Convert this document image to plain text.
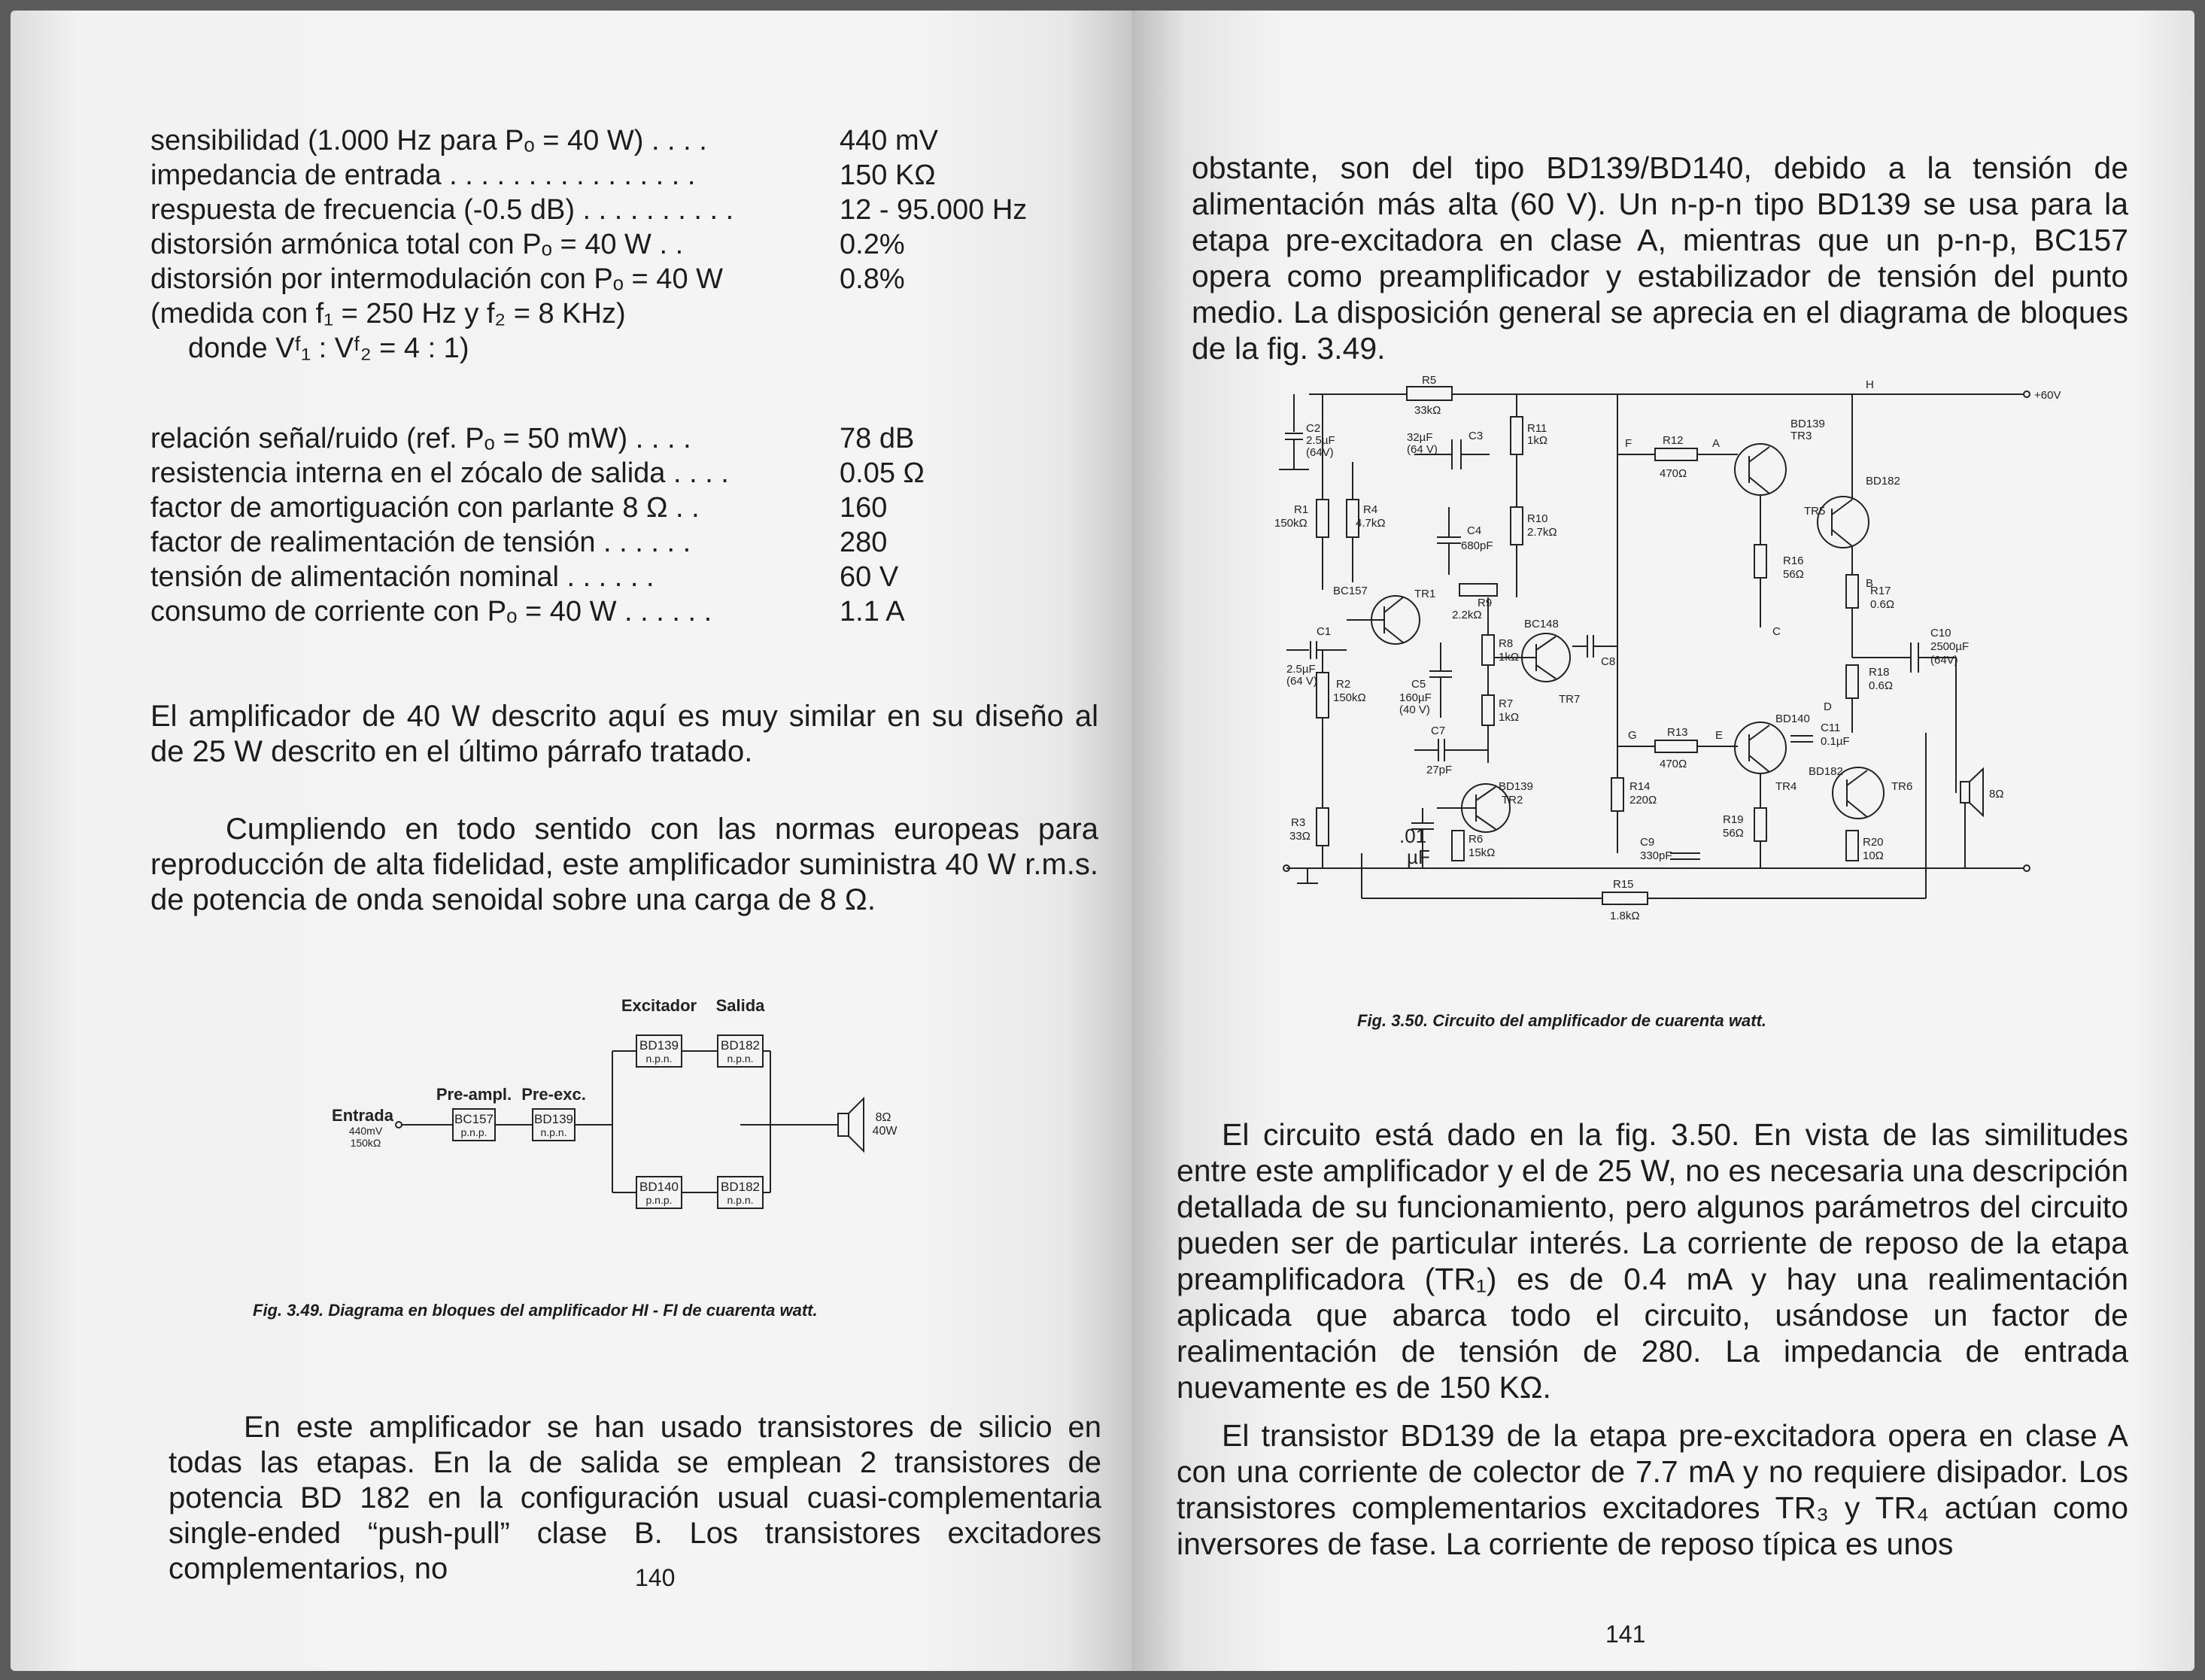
sensibilidad (1.000 Hz para Pₒ = 40 W) . . . .	440 mV
impedancia de entrada . . . . . . . . . . . . . . . .	150 KΩ
respuesta de frecuencia (-0.5 dB) . . . . . . . . . .	12 - 95.000 Hz
distorsión armónica total con Pₒ = 40 W . .	0.2%
distorsión por intermodulación con Pₒ = 40 W	0.8%
(medida con f₁ = 250 Hz y f₂ = 8 KHz)
donde Vᶠ₁ : Vᶠ₂ = 4 : 1)
relación señal/ruido (ref. Pₒ = 50 mW) . . . .	78 dB
resistencia interna en el zócalo de salida . . . .	0.05 Ω
factor de amortiguación con parlante 8 Ω . .	160
factor de realimentación de tensión . . . . . .	280
tensión de alimentación nominal . . . . . .	60 V
consumo de corriente con Pₒ = 40 W . . . . . .	1.1 A
El amplificador de 40 W descrito aquí es muy similar en su diseño al de 25 W descrito en el último párrafo tratado.
Cumpliendo en todo sentido con las normas europeas para reproducción de alta fidelidad, este amplificador suministra 40 W r.m.s. de potencia de onda senoidal sobre una carga de 8 Ω.
Excitador Salida
Pre-ampl. Pre-exc.
Entrada
440mV
150kΩ
BC157
p.n.p.
BD139
n.p.n.
BD139
n.p.n.
BD182
n.p.n.
BD140
p.n.p.
BD182
n.p.n.
8Ω
40W
Fig. 3.49. Diagrama en bloques del amplificador HI - FI de cuarenta watt.
En este amplificador se han usado transistores de silicio en todas las etapas. En la de salida se emplean 2 transistores de potencia BD 182 en la configuración usual cuasi-complementaria single-ended “push-pull” clase B. Los transistores excitadores complementarios, no	140
obstante, son del tipo BD139/BD140, debido a la tensión de alimentación más alta (60 V). Un n-p-n tipo BD139 se usa para la etapa pre-excitadora en clase A, mientras que un p-n-p, BC157 opera como preamplificador y estabilizador de tensión del punto medio. La disposición general se aprecia en el diagrama de bloques de la fig. 3.49.
R5
33kΩ
C2
2.5µF
(64V)
C3
32µF
(64 V)
R11
1kΩ	R12
470Ω
F	A
H
B
C
D
E
G
TR3
BD139
BD182
TR5
+60V
R1
150kΩ
R4
4.7kΩ
C4
680pF
R10
2.7kΩ
R16
56Ω
R17
0.6Ω
BC157	TR1
R9
2.2kΩ
BC148
C8
C1
2.5µF
(64 V) R2
150kΩ
C5
160µF
(40 V)
R8
1kΩ
R7
1kΩ
TR7
R18
0.6Ω
C10
2500µF
(64V)
C7
27pF
R13
470Ω
BD140
C11
0.1µF
BD182
TR6
TR4
BD139
TR2
R14
220Ω
R3
33Ω	.01
µF
R6
15kΩ
C9
330pF
R19
56Ω
R20
10Ω
8Ω
R15
1.8kΩ
Fig. 3.50. Circuito del amplificador de cuarenta watt.
El circuito está dado en la fig. 3.50. En vista de las similitudes entre este amplificador y el de 25 W, no es necesaria una descripción detallada de su funcionamiento, pero algunos parámetros del circuito pueden ser de particular interés. La corriente de reposo de la etapa preamplificadora (TR₁) es de 0.4 mA y hay una realimentación aplicada que abarca todo el circuito, usándose un factor de realimentación de tensión de 280. La impedancia de entrada nuevamente es de 150 KΩ.
El transistor BD139 de la etapa pre-excitadora opera en clase A con una corriente de colector de 7.7 mA y no requiere disipador. Los transistores complementarios excitadores TR₃ y TR₄ actúan como inversores de fase. La corriente de reposo típica es unos
141
